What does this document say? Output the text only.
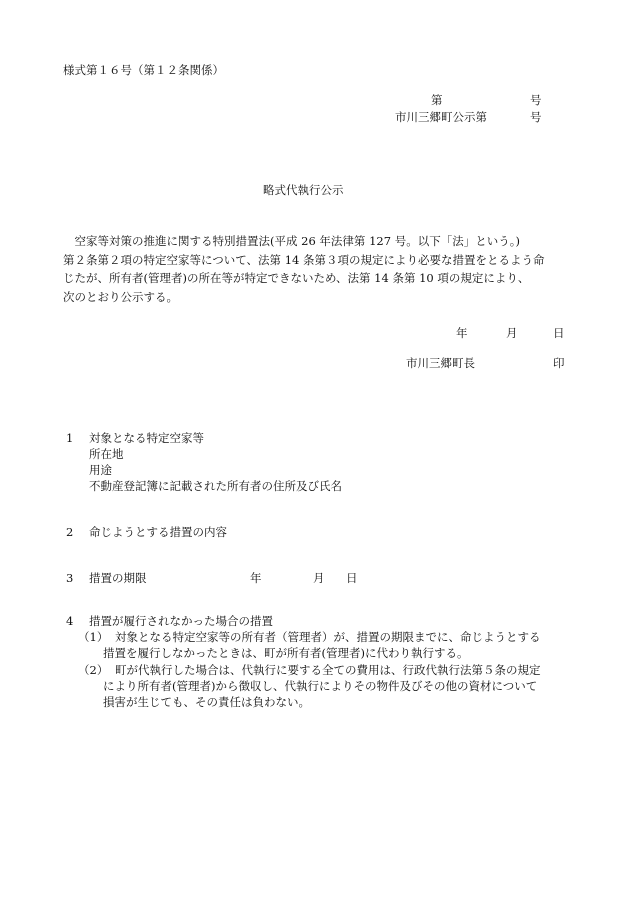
様式第１６号（第１２条関係）
第	号
市川三郷町公示第	号
略式代執行公示
　空家等対策の推進に関する特別措置法(平成 26 年法律第 127 号。以下「法」という。)
第２条第２項の特定空家等について、法第 14 条第３項の規定により必要な措置をとるよう命
じたが、所有者(管理者)の所在等が特定できないため、法第 14 条第 10 項の規定により、
次のとおり公示する。
年	月	日
市川三郷町長	印
1 対象となる特定空家等
所在地
用途
不動産登記簿に記載された所有者の住所及び氏名
2 命じようとする措置の内容
3 措置の期限	年	月 日
4 措置が履行されなかった場合の措置
（1） 対象となる特定空家等の所有者（管理者）が、措置の期限までに、命じようとする
措置を履行しなかったときは、町が所有者(管理者)に代わり執行する。
（2） 町が代執行した場合は、代執行に要する全ての費用は、行政代執行法第５条の規定
により所有者(管理者)から徴収し、代執行によりその物件及びその他の資材について
損害が生じても、その責任は負わない。
